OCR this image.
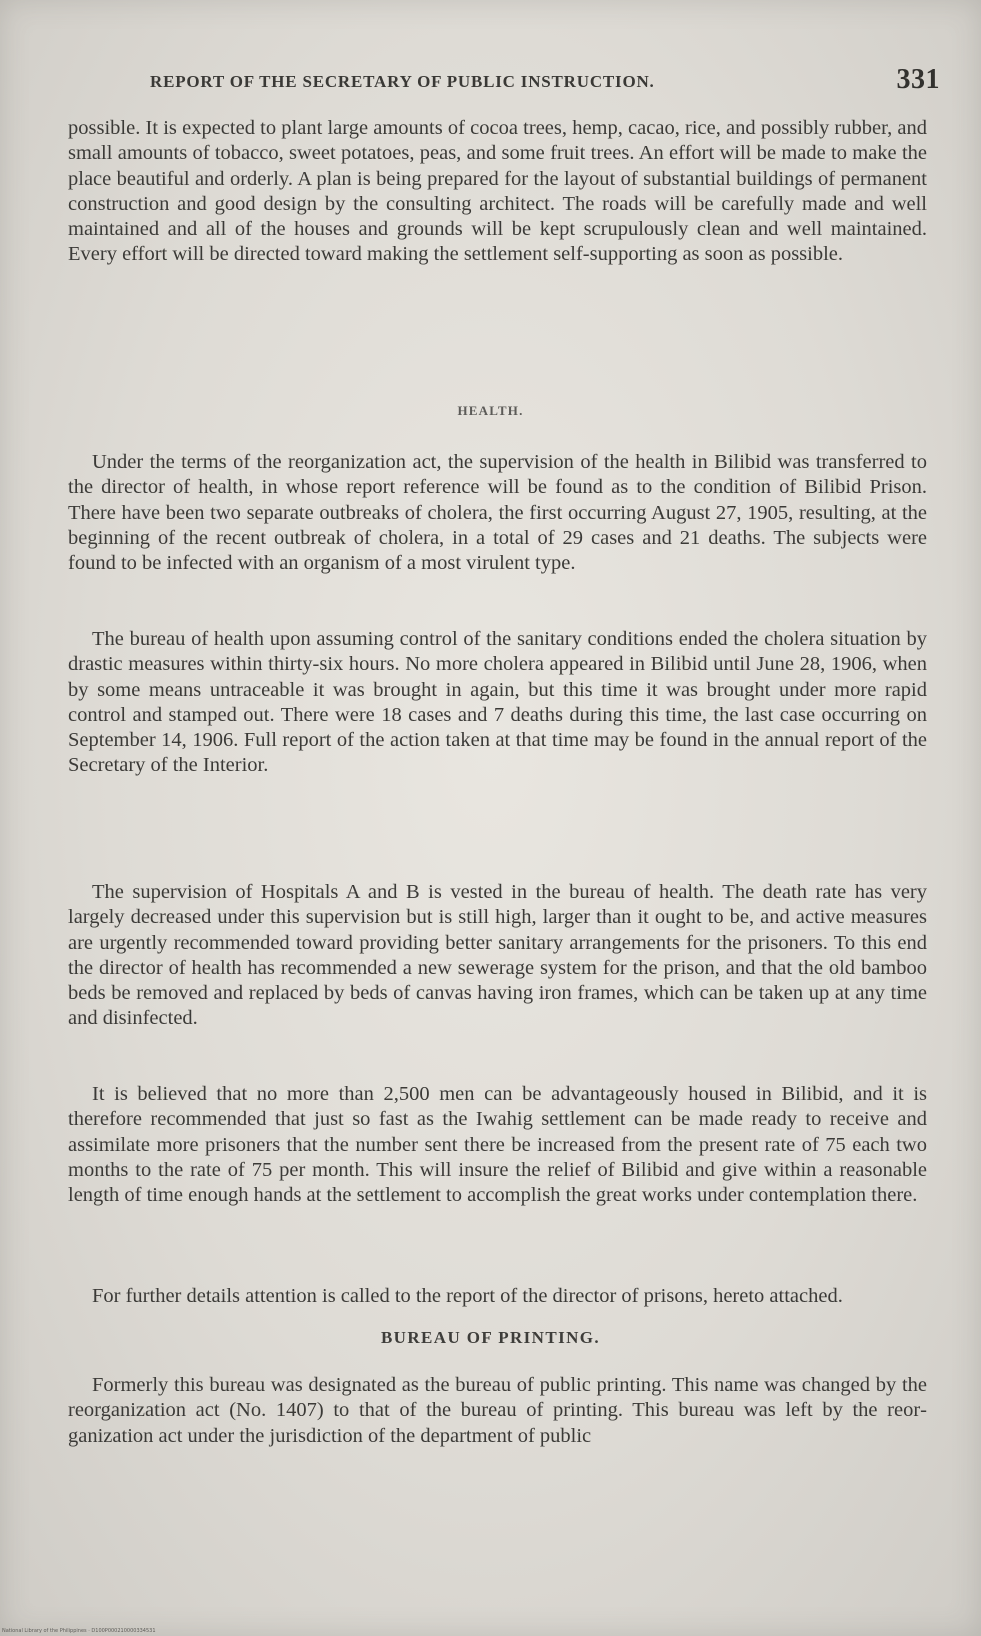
REPORT OF THE SECRETARY OF PUBLIC INSTRUCTION.	331

possible. It is expected to plant large amounts of cocoa trees, hemp, cacao, rice, and possibly rubber, and small amounts of tobacco, sweet potatoes, peas, and some fruit trees. An effort will be made to make the place beautiful and orderly. A plan is being prepared for the layout of substantial buildings of permanent construction and good design by the consulting architect. The roads will be carefully made and well maintained and all of the houses and grounds will be kept scrupulously clean and well maintained. Every effort will be directed toward making the settlement self-supporting as soon as possible.

HEALTH.

Under the terms of the reorganization act, the supervision of the health in Bilibid was transferred to the director of health, in whose report reference will be found as to the condition of Bilibid Prison. There have been two separate outbreaks of cholera, the first occurring August 27, 1905, resulting, at the beginning of the recent outbreak of cholera, in a total of 29 cases and 21 deaths. The subjects were found to be infected with an organism of a most virulent type.

The bureau of health upon assuming control of the sanitary conditions ended the cholera situation by drastic measures within thirty-six hours. No more cholera appeared in Bilibid until June 28, 1906, when by some means untraceable it was brought in again, but this time it was brought under more rapid control and stamped out. There were 18 cases and 7 deaths during this time, the last case occurring on September 14, 1906. Full report of the action taken at that time may be found in the annual report of the Secretary of the Interior.

The supervision of Hospitals A and B is vested in the bureau of health. The death rate has very largely decreased under this supervision but is still high, larger than it ought to be, and active measures are urgently recommended toward providing better sanitary arrangements for the prisoners. To this end the director of health has recommended a new sewerage system for the prison, and that the old bamboo beds be removed and replaced by beds of canvas having iron frames, which can be taken up at any time and disinfected.

It is believed that no more than 2,500 men can be advantageously housed in Bilibid, and it is therefore recommended that just so fast as the Iwahig settlement can be made ready to receive and assimilate more prisoners that the number sent there be increased from the present rate of 75 each two months to the rate of 75 per month. This will insure the relief of Bilibid and give within a reasonable length of time enough hands at the settlement to accomplish the great works under contemplation there.

For further details attention is called to the report of the director of prisons, hereto attached.

BUREAU OF PRINTING.

Formerly this bureau was designated as the bureau of public printing. This name was changed by the reorganization act (No. 1407) to that of the bureau of printing. This bureau was left by the reorganization act under the jurisdiction of the department of public

National Library of the Philippines · D100P000210000334531
